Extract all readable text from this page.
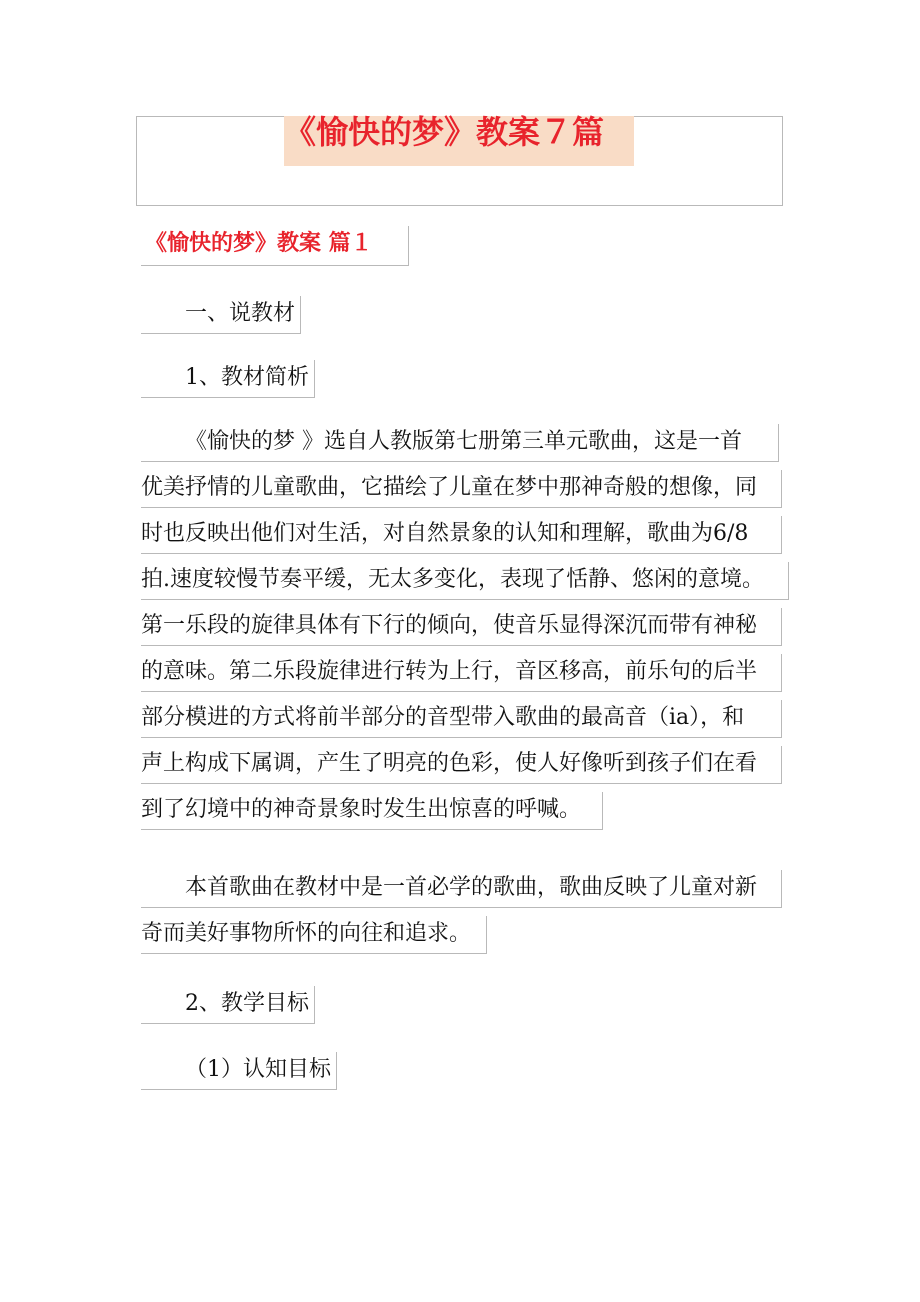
《愉快的梦》教案７篇
《愉快的梦》教案 篇１
一、说教材
1、教材简析
《愉快的梦 》选自人教版第七册第三单元歌曲，这是一首
优美抒情的儿童歌曲，它描绘了儿童在梦中那神奇般的想像，同
时也反映出他们对生活，对自然景象的认知和理解，歌曲为6/8
拍.速度较慢节奏平缓，无太多变化，表现了恬静、悠闲的意境。
第一乐段的旋律具体有下行的倾向，使音乐显得深沉而带有神秘
的意味。第二乐段旋律进行转为上行，音区移高，前乐句的后半
部分模进的方式将前半部分的音型带入歌曲的最高音（ia），和
声上构成下属调，产生了明亮的色彩，使人好像听到孩子们在看
到了幻境中的神奇景象时发生出惊喜的呼喊。
本首歌曲在教材中是一首必学的歌曲，歌曲反映了儿童对新
奇而美好事物所怀的向往和追求。
2、教学目标
（1）认知目标
